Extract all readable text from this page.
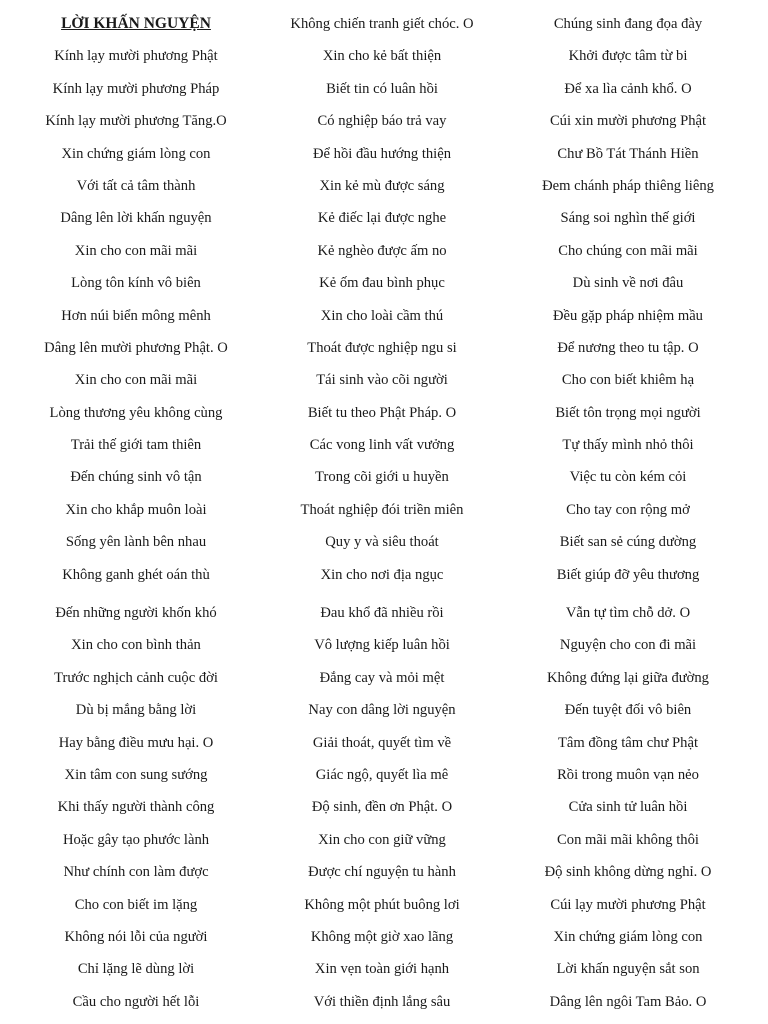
LỜI KHẤN NGUYỆN
Kính lạy mười phương Phật
Kính lạy mười phương Pháp
Kính lạy mười phương Tăng.O
Xin chứng giám lòng con
Với tất cả tâm thành
Dâng lên lời khấn nguyện
Xin cho con mãi mãi
Lòng tôn kính vô biên
Hơn núi biển mông mênh
Dâng lên mười phương Phật. O
Xin cho con mãi mãi
Lòng thương yêu không cùng
Trải thế giới tam thiên
Đến chúng sinh vô tận
Xin cho khắp muôn loài
Sống yên lành bên nhau
Không ganh ghét oán thù
Đến những người khốn khó
Xin cho con bình thản
Trước nghịch cảnh cuộc đời
Dù bị mắng bằng lời
Hay bằng điều mưu hại. O
Xin tâm con sung sướng
Khi thấy người thành công
Hoặc gây tạo phước lành
Như chính con làm được
Cho con biết im lặng
Không nói lỗi của người
Chỉ lặng lẽ dùng lời
Cầu cho người hết lỗi
Không chiến tranh giết chóc. O
Xin cho kẻ bất thiện
Biết tin có luân hồi
Có nghiệp báo trả vay
Để hồi đầu hướng thiện
Xin kẻ mù được sáng
Kẻ điếc lại được nghe
Kẻ nghèo được ấm no
Kẻ ốm đau bình phục
Xin cho loài cầm thú
Thoát được nghiệp ngu si
Tái sinh vào cõi người
Biết tu theo Phật Pháp. O
Các vong linh vất vưởng
Trong cõi giới u huyền
Thoát nghiệp đói triền miên
Quy y và siêu thoát
Xin cho nơi địa ngục
Đau khổ đã nhiều rồi
Vô lượng kiếp luân hồi
Đắng cay và mỏi mệt
Nay con dâng lời nguyện
Giải thoát, quyết tìm về
Giác ngộ, quyết lìa mê
Độ sinh, đền ơn Phật. O
Xin cho con giữ vững
Được chí nguyện tu hành
Không một phút buông lơi
Không một giờ xao lãng
Xin vẹn toàn giới hạnh
Với thiền định lắng sâu
Chúng sinh đang đọa đày
Khởi được tâm từ bi
Để xa lìa cảnh khổ. O
Cúi xin mười phương Phật
Chư Bồ Tát Thánh Hiền
Đem chánh pháp thiêng liêng
Sáng soi nghìn thế giới
Cho chúng con mãi mãi
Dù sinh về nơi đâu
Đều gặp pháp nhiệm mầu
Để nương theo tu tập. O
Cho con biết khiêm hạ
Biết tôn trọng mọi người
Tự thấy mình nhỏ thôi
Việc tu còn kém cỏi
Cho tay con rộng mở
Biết san sẻ cúng dường
Biết giúp đỡ yêu thương
Vẫn tự tìm chỗ dở. O
Nguyện cho con đi mãi
Không đứng lại giữa đường
Đến tuyệt đối vô biên
Tâm đồng tâm chư Phật
Rồi trong muôn vạn nẻo
Cửa sinh tử luân hồi
Con mãi mãi không thôi
Độ sinh không dừng nghỉ. O
Cúi lạy mười phương Phật
Xin chứng giám lòng con
Lời khấn nguyện sắt son
Dâng lên ngôi Tam Bảo. O
